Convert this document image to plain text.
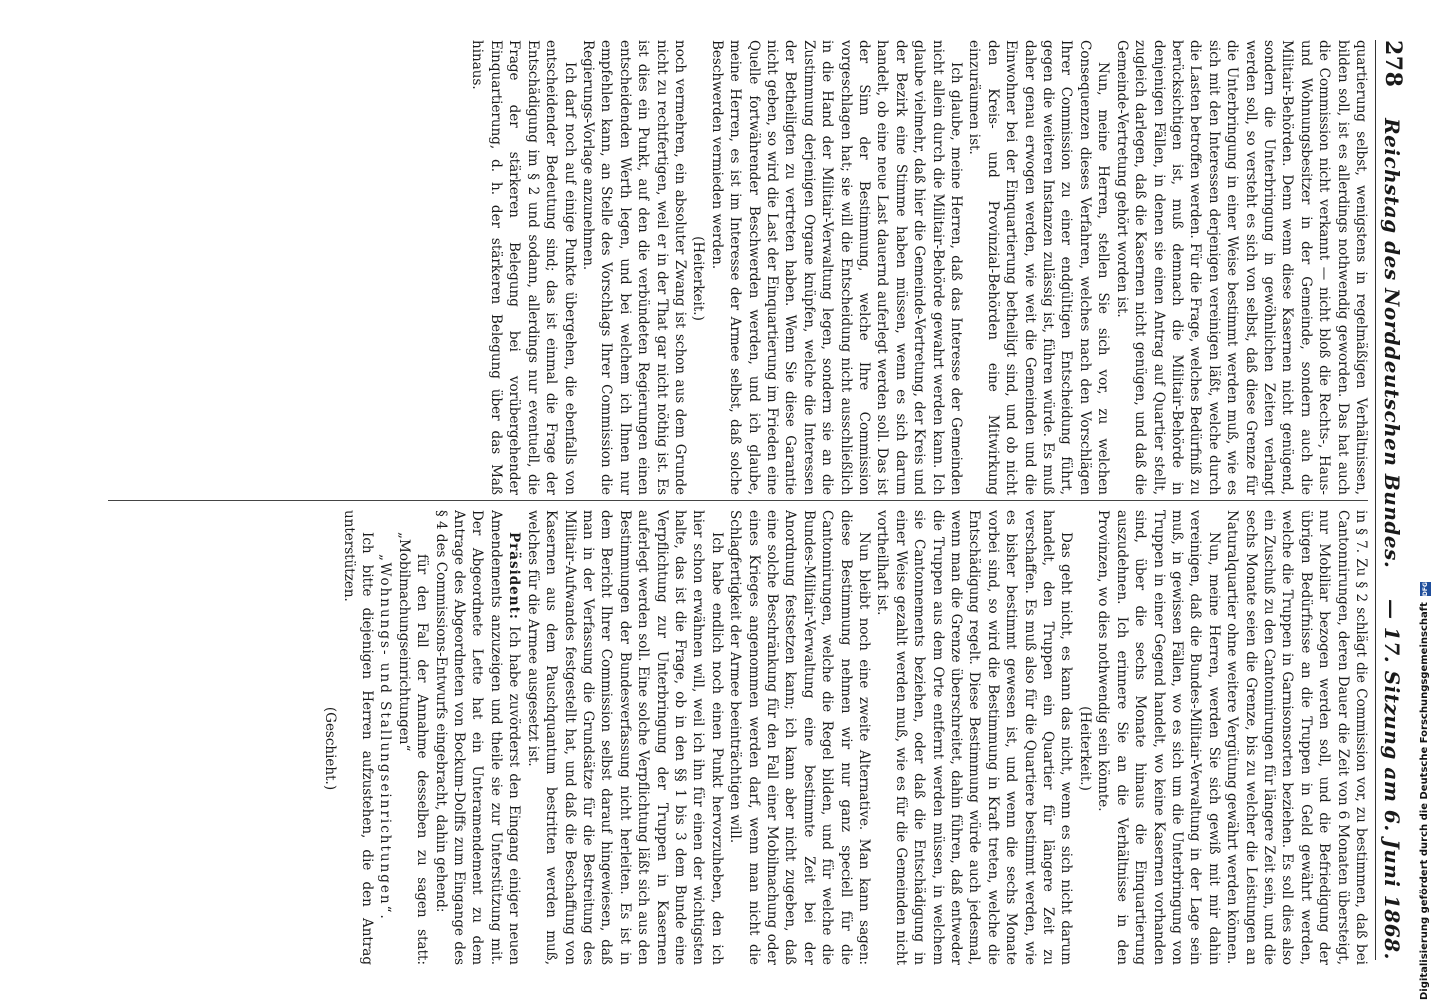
278
Reichstag des Norddeutschen Bundes.
— 17. Sitzung am 6. Juni 1868.

quartierung selbst, wenigstens in regelmäßigen Verhältnissen, bilden soll, ist es allerdings nothwendig geworden. Das hat auch die Commission nicht verkannt — nicht bloß die Rechts-, Haus- und Wohnungsbesitzer in der Gemeinde, sondern auch die Militair-Behörden. Denn wenn diese Kasernen nicht genügend, sondern die Unterbringung in gewöhnlichen Zeiten verlangt werden soll, so versteht es sich von selbst, daß diese Grenze für die Unterbringung in einer Weise bestimmt werden muß, wie es sich mit den Interessen derjenigen vereinigen läßt, welche durch die Lasten betroffen werden. Für die Frage, welches Bedürfniß zu berücksichtigen ist, muß demnach die Militair-Behörde in denjenigen Fällen, in denen sie einen Antrag auf Quartier stellt, zugleich darlegen, daß die Kasernen nicht genügen, und daß die Gemeinde-Vertretung gehört worden ist.

Nun, meine Herren, stellen Sie sich vor, zu welchen Consequenzen dieses Verfahren, welches nach den Vorschlägen Ihrer Commission zu einer endgültigen Entscheidung führt, gegen die weiteren Instanzen zulässig ist, führen würde. Es muß daher genau erwogen werden, wie weit die Gemeinden und die Einwohner bei der Einquartierung betheiligt sind, und ob nicht den Kreis- und Provinzial-Behörden eine Mitwirkung einzuräumen ist.

Ich glaube, meine Herren, daß das Interesse der Gemeinden nicht allein durch die Militair-Behörde gewahrt werden kann. Ich glaube vielmehr, daß hier die Gemeinde-Vertretung, der Kreis und der Bezirk eine Stimme haben müssen, wenn es sich darum handelt, ob eine neue Last dauernd auferlegt werden soll. Das ist der Sinn der Bestimmung, welche Ihre Commission vorgeschlagen hat; sie will die Entscheidung nicht ausschließlich in die Hand der Militair-Verwaltung legen, sondern sie an die Zustimmung derjenigen Organe knüpfen, welche die Interessen der Betheiligten zu vertreten haben. Wenn Sie diese Garantie nicht geben, so wird die Last der Einquartierung im Frieden eine Quelle fortwährender Beschwerden werden, und ich glaube, meine Herren, es ist im Interesse der Armee selbst, daß solche Beschwerden vermieden werden.

(Heiterkeit.)

noch vermehren, ein absoluter Zwang ist schon aus dem Grunde nicht zu rechtfertigen, weil er in der That gar nicht nöthig ist. Es ist dies ein Punkt, auf den die verbündeten Regierungen einen entscheidenden Werth legen, und bei welchem ich Ihnen nur empfehlen kann, an Stelle des Vorschlags Ihrer Commission die Regierungs-Vorlage anzunehmen.

Ich darf noch auf einige Punkte übergehen, die ebenfalls von entscheidender Bedeutung sind; das ist einmal die Frage der Entschädigung im § 2 und sodann, allerdings nur eventuell, die Frage der stärkeren Belegung bei vorübergehender Einquartierung, d. h. der stärkeren Belegung über das Maß hinaus.

in § 7. Zu § 2 schlägt die Commission vor, zu bestimmen, daß bei Cantonnirungen, deren Dauer die Zeit von 6 Monaten übersteigt, nur Mobiliar bezogen werden soll, und die Befriedigung der übrigen Bedürfnisse an die Truppen in Geld gewährt werden, welche die Truppen in Garnisonsorten beziehen. Es soll dies also ein Zuschuß zu den Cantonnirungen für längere Zeit sein, und die sechs Monate seien die Grenze, bis zu welcher die Leistungen an Naturalquartier ohne weitere Vergütung gewährt werden können.

Nun, meine Herren, werden Sie sich gewiß mit mir dahin vereinigen, daß die Bundes-Militair-Verwaltung in der Lage sein muß, in gewissen Fällen, wo es sich um die Unterbringung von Truppen in einer Gegend handelt, wo keine Kasernen vorhanden sind, über die sechs Monate hinaus die Einquartierung auszudehnen. Ich erinnere Sie an die Verhältnisse in den Provinzen, wo dies nothwendig sein könnte.

(Heiterkeit.)

Das geht nicht, es kann das nicht, wenn es sich nicht darum handelt, den Truppen ein Quartier für längere Zeit zu verschaffen. Es muß also für die Quartiere bestimmt werden, wie es bisher bestimmt gewesen ist, und wenn die sechs Monate vorbei sind, so wird die Bestimmung in Kraft treten, welche die Entschädigung regelt. Diese Bestimmung würde auch jedesmal, wenn man die Grenze überschreitet, dahin führen, daß entweder die Truppen aus dem Orte entfernt werden müssen, in welchem sie Cantonnements beziehen, oder daß die Entschädigung in einer Weise gezahlt werden muß, wie es für die Gemeinden nicht vortheilhaft ist.

Nun bleibt noch eine zweite Alternative. Man kann sagen: diese Bestimmung nehmen wir nur ganz speciell für die Cantonnirungen, welche die Regel bilden, und für welche die Bundes-Militair-Verwaltung eine bestimmte Zeit bei der Anordnung festsetzen kann; ich kann aber nicht zugeben, daß eine solche Beschränkung für den Fall einer Mobilmachung oder eines Krieges angenommen werden darf, wenn man nicht die Schlagfertigkeit der Armee beeinträchtigen will.

Ich habe endlich noch einen Punkt hervorzuheben, den ich hier schon erwähnen will, weil ich ihn für einen der wichtigsten halte, das ist die Frage, ob in den §§ 1 bis 3 dem Bunde eine Verpflichtung zur Unterbringung der Truppen in Kasernen auferlegt werden soll. Eine solche Verpflichtung läßt sich aus den Bestimmungen der Bundesverfassung nicht herleiten. Es ist in dem Bericht Ihrer Commission selbst darauf hingewiesen, daß man in der Verfassung die Grundsätze für die Bestreitung des Militair-Aufwandes festgestellt hat, und daß die Beschaffung von Kasernen aus dem Pauschquantum bestritten werden muß, welches für die Armee ausgesetzt ist.

Präsident: Ich habe zuvörderst den Eingang einiger neuen Amendements anzuzeigen und theile sie zur Unterstützung mit. Der Abgeordnete Lette hat ein Unteramendement zu dem Antrage des Abgeordneten von Bockum-Dolffs zum Eingange des § 4 des Commissions-Entwurfs eingebracht, dahin gehend:

für den Fall der Annahme desselben zu sagen statt: „Mobilmachungseinrichtungen“

„Wohnungs- und Stallungseinrichtungen“.

Ich bitte diejenigen Herren aufzustehen, die den Antrag unterstützen.

(Geschieht.)	Digitalisierung gefördert durch die Deutsche Forschungsgemeinschaft
DFG
